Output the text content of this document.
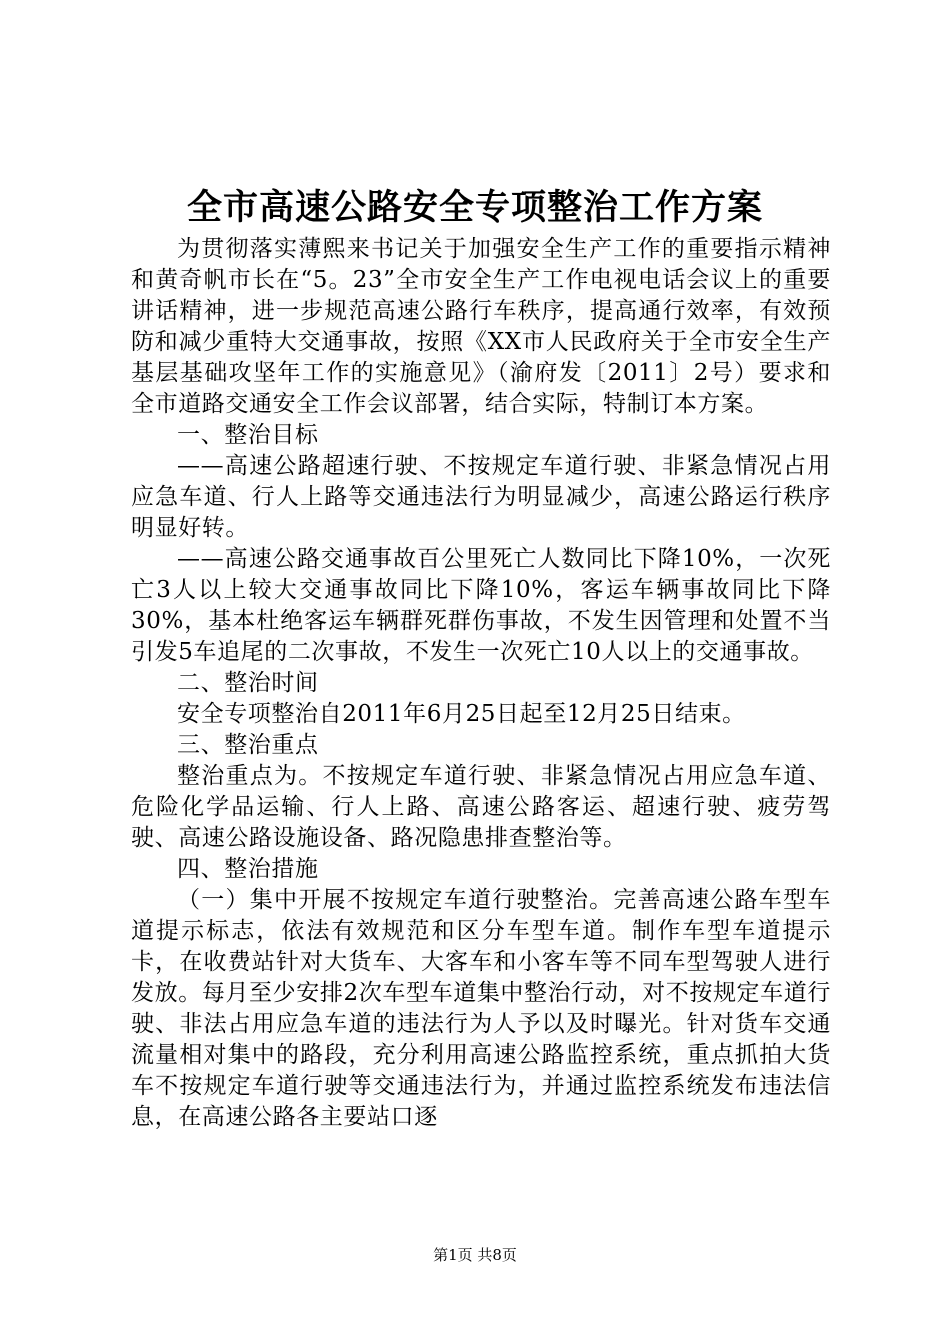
全市高速公路安全专项整治工作方案

为贯彻落实薄熙来书记关于加强安全生产工作的重要指示精神和黄奇帆市长在“5。23”全市安全生产工作电视电话会议上的重要讲话精神，进一步规范高速公路行车秩序，提高通行效率，有效预防和减少重特大交通事故，按照《XX市人民政府关于全市安全生产基层基础攻坚年工作的实施意见》（渝府发〔2011〕2号）要求和全市道路交通安全工作会议部署，结合实际，特制订本方案。

一、整治目标

——高速公路超速行驶、不按规定车道行驶、非紧急情况占用应急车道、行人上路等交通违法行为明显减少，高速公路运行秩序明显好转。

——高速公路交通事故百公里死亡人数同比下降10%，一次死亡3人以上较大交通事故同比下降10%，客运车辆事故同比下降30%，基本杜绝客运车辆群死群伤事故，不发生因管理和处置不当引发5车追尾的二次事故，不发生一次死亡10人以上的交通事故。

二、整治时间

安全专项整治自2011年6月25日起至12月25日结束。

三、整治重点

整治重点为。不按规定车道行驶、非紧急情况占用应急车道、危险化学品运输、行人上路、高速公路客运、超速行驶、疲劳驾驶、高速公路设施设备、路况隐患排查整治等。

四、整治措施

（一）集中开展不按规定车道行驶整治。完善高速公路车型车道提示标志，依法有效规范和区分车型车道。制作车型车道提示卡，在收费站针对大货车、大客车和小客车等不同车型驾驶人进行发放。每月至少安排2次车型车道集中整治行动，对不按规定车道行驶、非法占用应急车道的违法行为人予以及时曝光。针对货车交通流量相对集中的路段，充分利用高速公路监控系统，重点抓拍大货车不按规定车道行驶等交通违法行为，并通过监控系统发布违法信息，在高速公路各主要站口逐

第1页 共8页
